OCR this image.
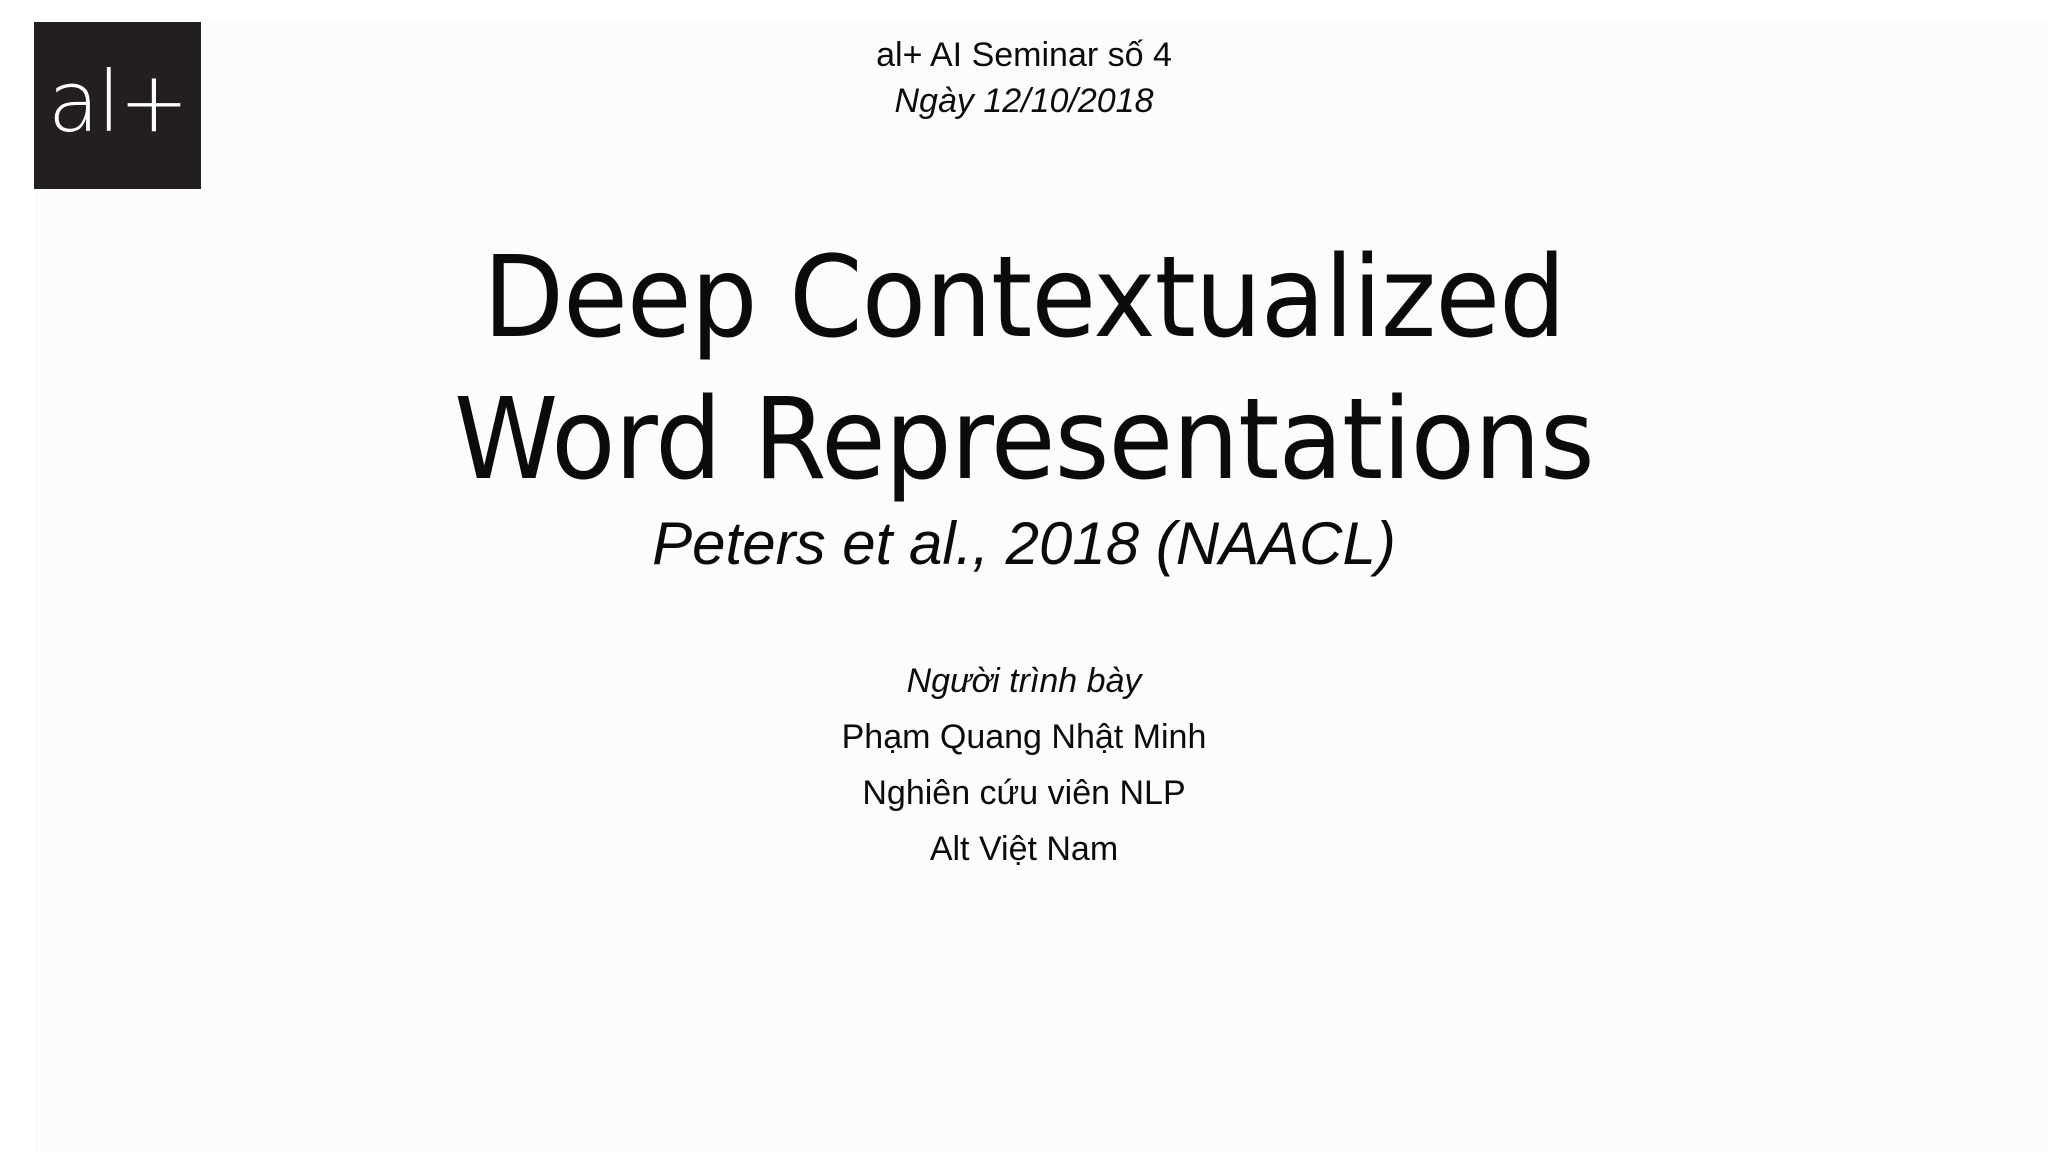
al+	al+ AI Seminar số 4
Ngày 12/10/2018
Deep Contextualized
Word Representations
Peters et al., 2018 (NAACL)
Người trình bày
Phạm Quang Nhật Minh
Nghiên cứu viên NLP
Alt Việt Nam
